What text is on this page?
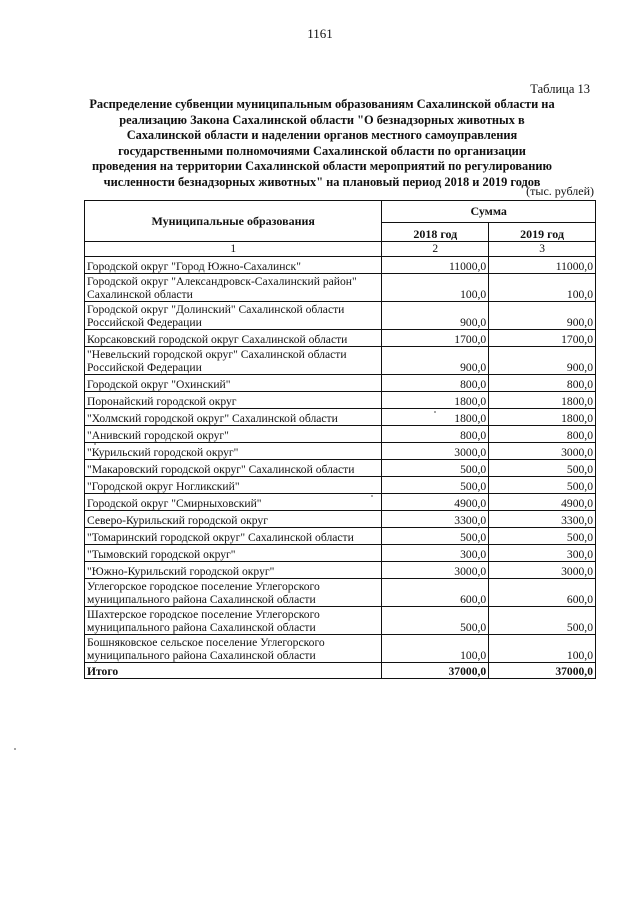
1161
Таблица 13
Распределение субвенции муниципальным образованиям Сахалинской области на реализацию Закона Сахалинской области "О безнадзорных животных в Сахалинской области и наделении органов местного самоуправления государственными полномочиями Сахалинской области по организации проведения на территории Сахалинской области мероприятий по регулированию численности безнадзорных животных" на плановый период 2018 и 2019 годов
(тыс. рублей)
Муниципальные образования	Сумма	
	2018 год	2019 год
1	2	3
Городской округ "Город Южно-Сахалинск"	11000,0	11000,0
Городской округ "Александровск-Сахалинский район" Сахалинской области	100,0	100,0
Городской округ "Долинский" Сахалинской области Российской Федерации	900,0	900,0
Корсаковский городской округ Сахалинской области	1700,0	1700,0
"Невельский городской округ" Сахалинской области Российской Федерации	900,0	900,0
Городской округ "Охинский"	800,0	800,0
Поронайский городской округ	1800,0	1800,0
"Холмский городской округ" Сахалинской области	1800,0	1800,0
"Анивский городской округ"	800,0	800,0
"Курильский городской округ"	3000,0	3000,0
"Макаровский городской округ" Сахалинской области	500,0	500,0
"Городской округ Ногликский"	500,0	500,0
Городской округ "Смирныховский"	4900,0	4900,0
Северо-Курильский городской округ	3300,0	3300,0
"Томаринский городской округ" Сахалинской области	500,0	500,0
"Тымовский городской округ"	300,0	300,0
"Южно-Курильский городской округ"	3000,0	3000,0
Углегорское городское поселение Углегорского муниципального района Сахалинской области	600,0	600,0
Шахтерское городское поселение Углегорского муниципального района Сахалинской области	500,0	500,0
Бошняковское сельское поселение Углегорского муниципального района Сахалинской области	100,0	100,0
Итого	37000,0	37000,0
